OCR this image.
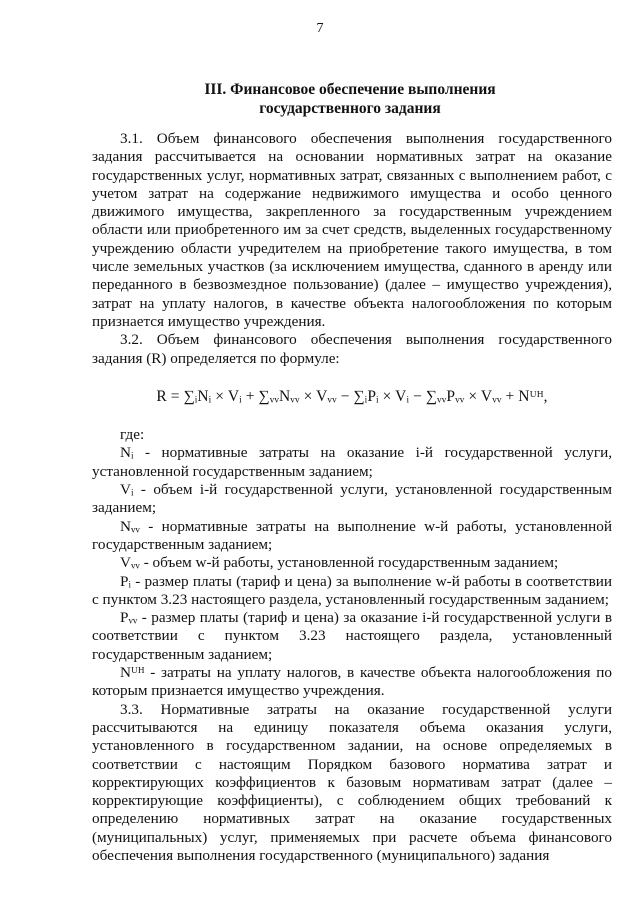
7
III. Финансовое обеспечение выполнения
государственного задания

3.1. Объем финансового обеспечения выполнения государственного задания рассчитывается на основании нормативных затрат на оказание государственных услуг, нормативных затрат, связанных с выполнением работ, с учетом затрат на содержание недвижимого имущества и особо ценного движимого имущества, закрепленного за государственным учреждением области или приобретенного им за счет средств, выделенных государственному учреждению области учредителем на приобретение такого имущества, в том числе земельных участков (за исключением имущества, сданного в аренду или переданного в безвозмездное пользование) (далее – имущество учреждения), затрат на уплату налогов, в качестве объекта налогообложения по которым признается имущество учреждения.

3.2. Объем финансового обеспечения выполнения государственного задания (R) определяется по формуле:

R = ∑ᵢNᵢ × Vᵢ + ∑ᵥᵥNᵥᵥ × Vᵥᵥ − ∑ᵢPᵢ × Vᵢ − ∑ᵥᵥPᵥᵥ × Vᵥᵥ + Nᵁᴴ,

где:

Nᵢ - нормативные затраты на оказание i-й государственной услуги, установленной государственным заданием;

Vᵢ - объем i-й государственной услуги, установленной государственным заданием;

Nᵥᵥ - нормативные затраты на выполнение w-й работы, установленной государственным заданием;

Vᵥᵥ - объем w-й работы, установленной государственным заданием;

Pᵢ - размер платы (тариф и цена) за выполнение w-й работы в соответствии с пунктом 3.23 настоящего раздела, установленный государственным заданием;

Pᵥᵥ - размер платы (тариф и цена) за оказание i-й государственной услуги в соответствии с пунктом 3.23 настоящего раздела, установленный государственным заданием;

Nᵁᴴ - затраты на уплату налогов, в качестве объекта налогообложения по которым признается имущество учреждения.

3.3. Нормативные затраты на оказание государственной услуги рассчитываются на единицу показателя объема оказания услуги, установленного в государственном задании, на основе определяемых в соответствии с настоящим Порядком базового норматива затрат и корректирующих коэффициентов к базовым нормативам затрат (далее – корректирующие коэффициенты), с соблюдением общих требований к определению нормативных затрат на оказание государственных (муниципальных) услуг, применяемых при расчете объема финансового обеспечения выполнения государственного (муниципального) задания
